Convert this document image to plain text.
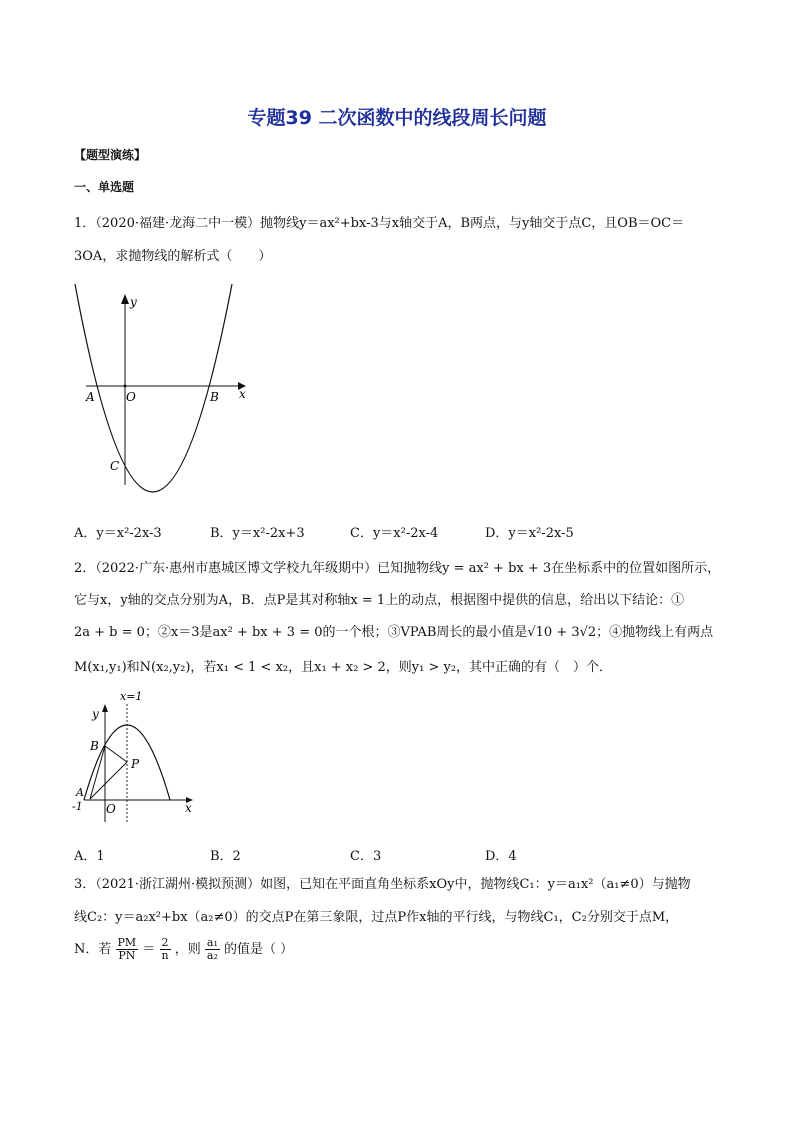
专题39 二次函数中的线段周长问题
【题型演练】
一、单选题
1．（2020·福建·龙海二中一模）抛物线y＝ax²+bx-3与x轴交于A，B两点，与y轴交于点C，且OB＝OC＝
3OA，求抛物线的解析式（　　）
y
x
A	O	B
C
A．y＝x²-2x-3	B．y＝x²-2x+3	C．y＝x²-2x-4	D．y＝x²-2x-5
2．（2022·广东·惠州市惠城区博文学校九年级期中）已知抛物线y = ax² + bx + 3在坐标系中的位置如图所示，
它与x，y轴的交点分别为A，B．点P是其对称轴x = 1上的动点，根据图中提供的信息，给出以下结论：①
2a + b = 0；②x＝3是ax² + bx + 3 = 0的一个根；③VPAB周长的最小值是√10 + 3√2；④抛物线上有两点
M(x₁,y₁)和N(x₂,y₂)，若x₁ < 1 < x₂，且x₁ + x₂ > 2，则y₁ > y₂，其中正确的有（　）个．
x=1
y
B
P
A
-1 O	x
A．1	B．2	C．3	D．4
3．（2021·浙江湖州·模拟预测）如图，已知在平面直角坐标系xOy中，抛物线C₁：y＝a₁x²（a₁≠0）与抛物
线C₂：y＝a₂x²+bx（a₂≠0）的交点P在第三象限，过点P作x轴的平行线，与物线C₁，C₂分别交于点M，
N．若 $\frac{PM}{PN} = \frac{2}{n}$ ，则 $\frac{\text{a₁}}{\text{a₂}}$ 的值是（ ）
